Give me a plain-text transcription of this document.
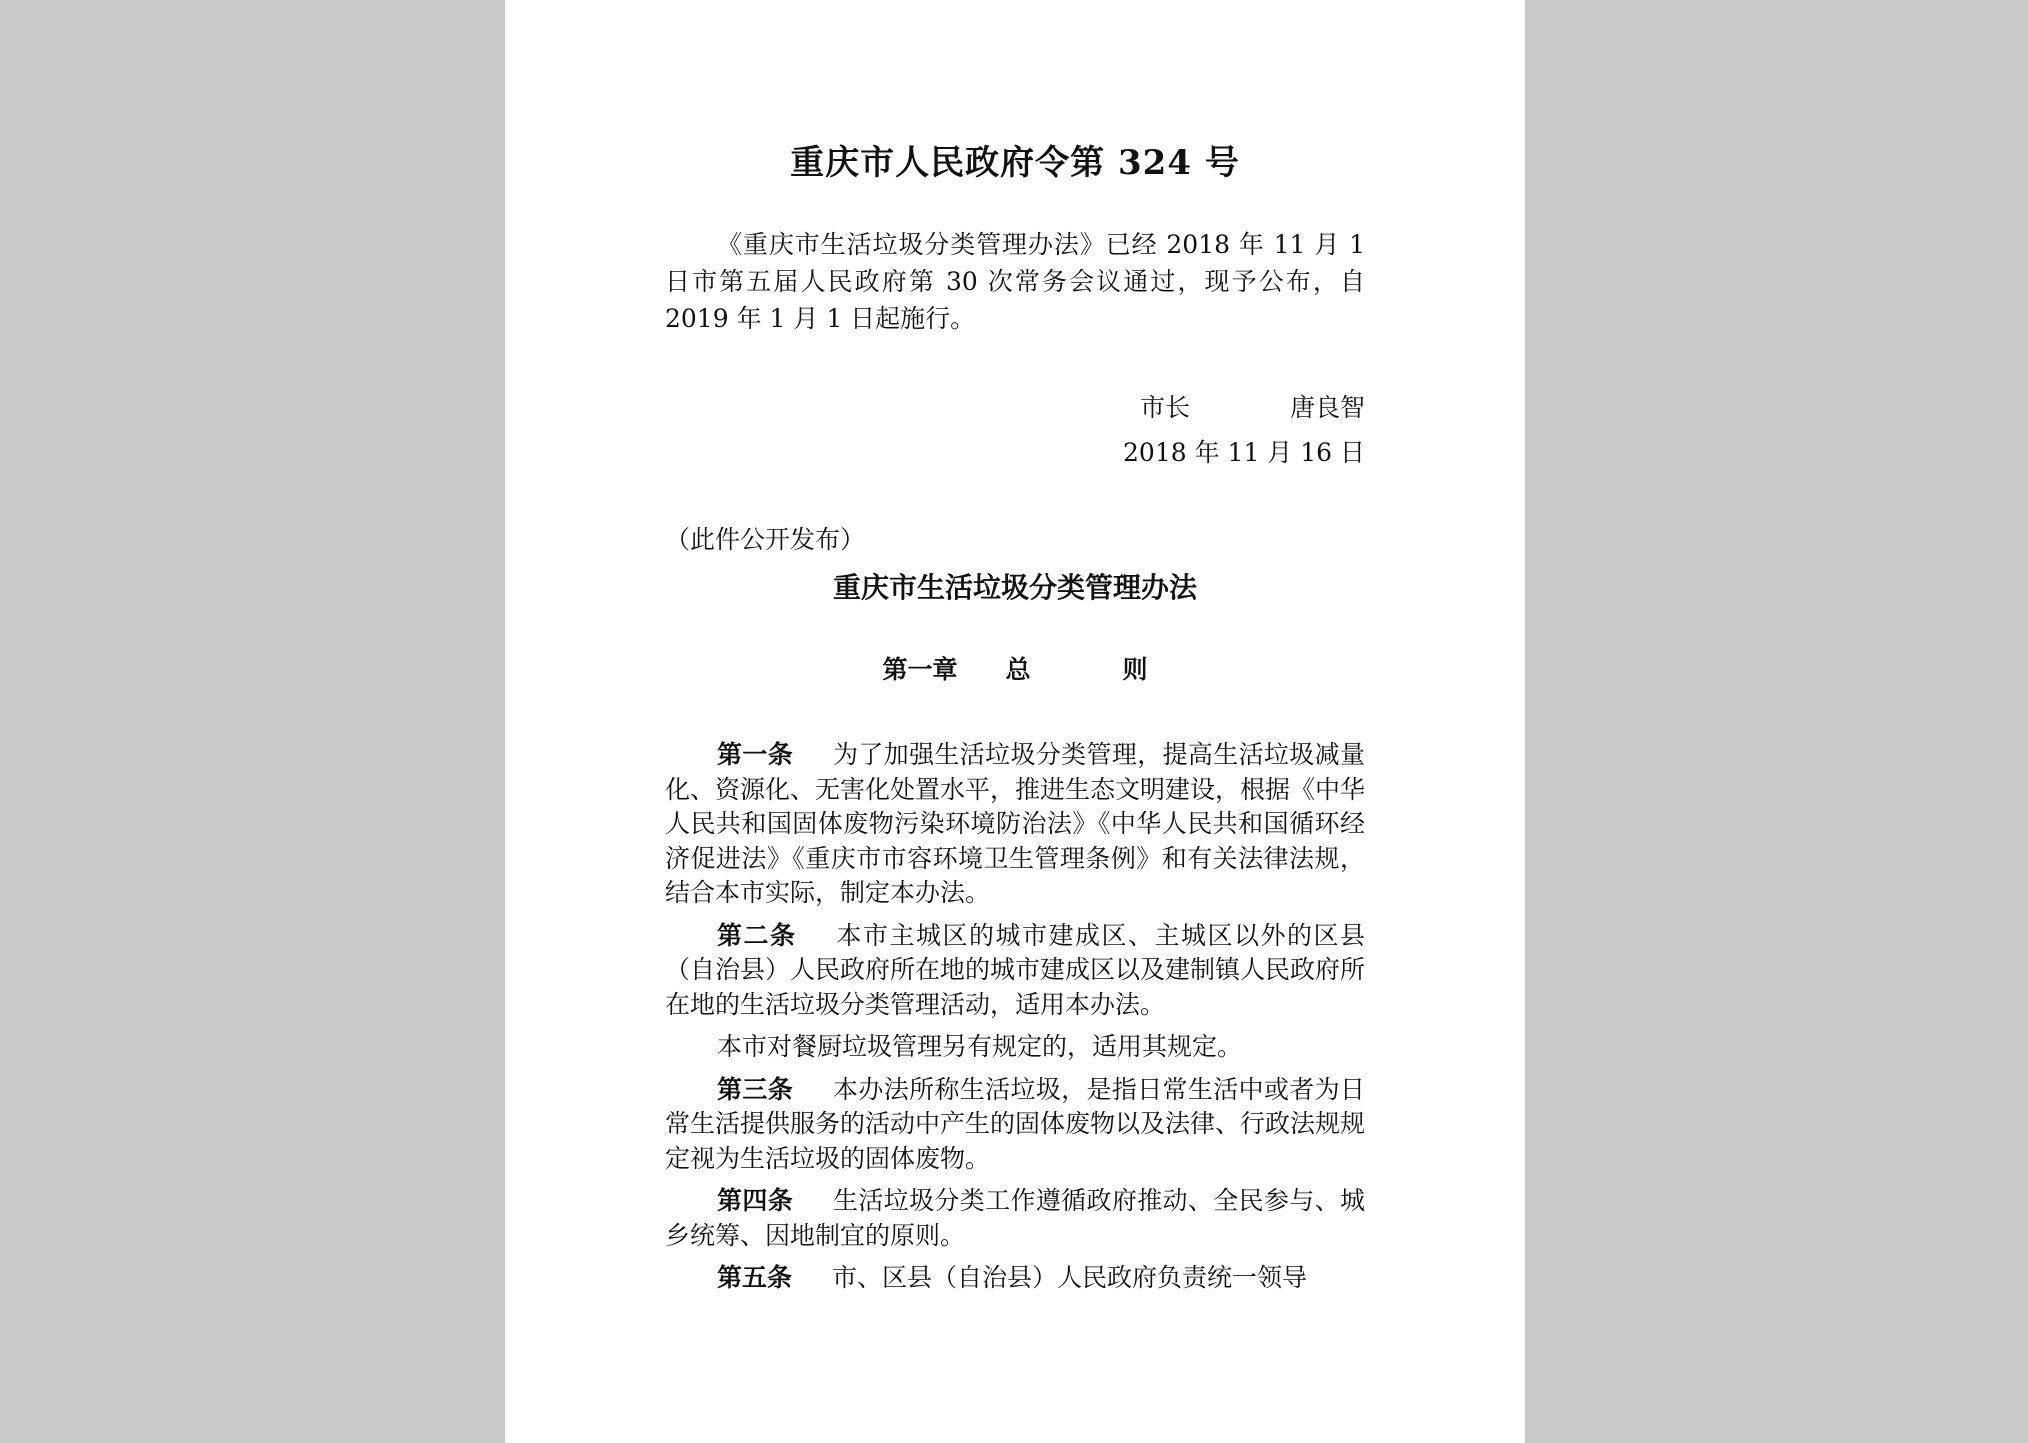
重庆市人民政府令第 324 号
《重庆市生活垃圾分类管理办法》已经 2018 年 11 月 1 日市第五届人民政府第 30 次常务会议通过，现予公布，自 2019 年 1 月 1 日起施行。
市长	唐良智
2018 年 11 月 16 日
（此件公开发布）
重庆市生活垃圾分类管理办法
第一章 总	则

第一条 为了加强生活垃圾分类管理，提高生活垃圾减量化、资源化、无害化处置水平，推进生态文明建设，根据《中华人民共和国固体废物污染环境防治法》《中华人民共和国循环经济促进法》《重庆市市容环境卫生管理条例》和有关法律法规，结合本市实际，制定本办法。

第二条 本市主城区的城市建成区、主城区以外的区县（自治县）人民政府所在地的城市建成区以及建制镇人民政府所在地的生活垃圾分类管理活动，适用本办法。

本市对餐厨垃圾管理另有规定的，适用其规定。

第三条 本办法所称生活垃圾，是指日常生活中或者为日常生活提供服务的活动中产生的固体废物以及法律、行政法规规定视为生活垃圾的固体废物。

第四条 生活垃圾分类工作遵循政府推动、全民参与、城乡统筹、因地制宜的原则。

第五条 市、区县（自治县）人民政府负责统一领导
